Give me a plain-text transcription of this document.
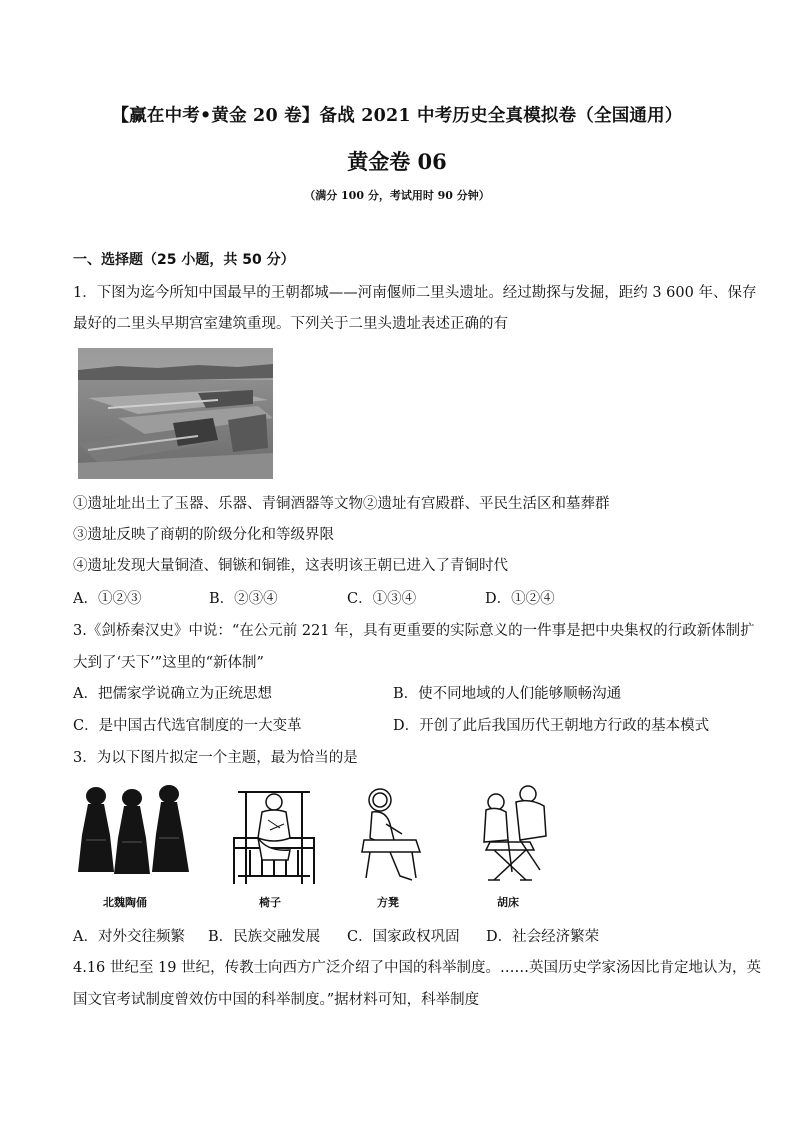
【赢在中考•黄金 20 卷】备战 2021 中考历史全真模拟卷（全国通用）
黄金卷 06
（满分 100 分，考试用时 90 分钟）
一、选择题（25 小题，共 50 分）
1．下图为迄今所知中国最早的王朝都城——河南偃师二里头遗址。经过勘探与发掘，距约 3 600 年、保存
最好的二里头早期宫室建筑重现。下列关于二里头遗址表述正确的有
①遗址址出土了玉器、乐器、青铜酒器等文物②遗址有宫殿群、平民生活区和墓葬群
③遗址反映了商朝的阶级分化和等级界限
④遗址发现大量铜渣、铜镞和铜锥，这表明该王朝已进入了青铜时代
A．①②③	B．②③④	C．①③④	D．①②④
3.《剑桥秦汉史》中说：“在公元前 221 年，具有更重要的实际意义的一件事是把中央集权的行政新体制扩
大到了‘天下’”这里的“新体制”
A．把儒家学说确立为正统思想	B．使不同地域的人们能够顺畅沟通
C．是中国古代选官制度的一大变革	D．开创了此后我国历代王朝地方行政的基本模式
3．为以下图片拟定一个主题，最为恰当的是
北魏陶俑	椅子	方凳	胡床
A．对外交往频繁 B．民族交融发展 C．国家政权巩固 D．社会经济繁荣
4.16 世纪至 19 世纪，传教士向西方广泛介绍了中国的科举制度。……英国历史学家汤因比肯定地认为，英
国文官考试制度曾效仿中国的科举制度。”据材料可知，科举制度
